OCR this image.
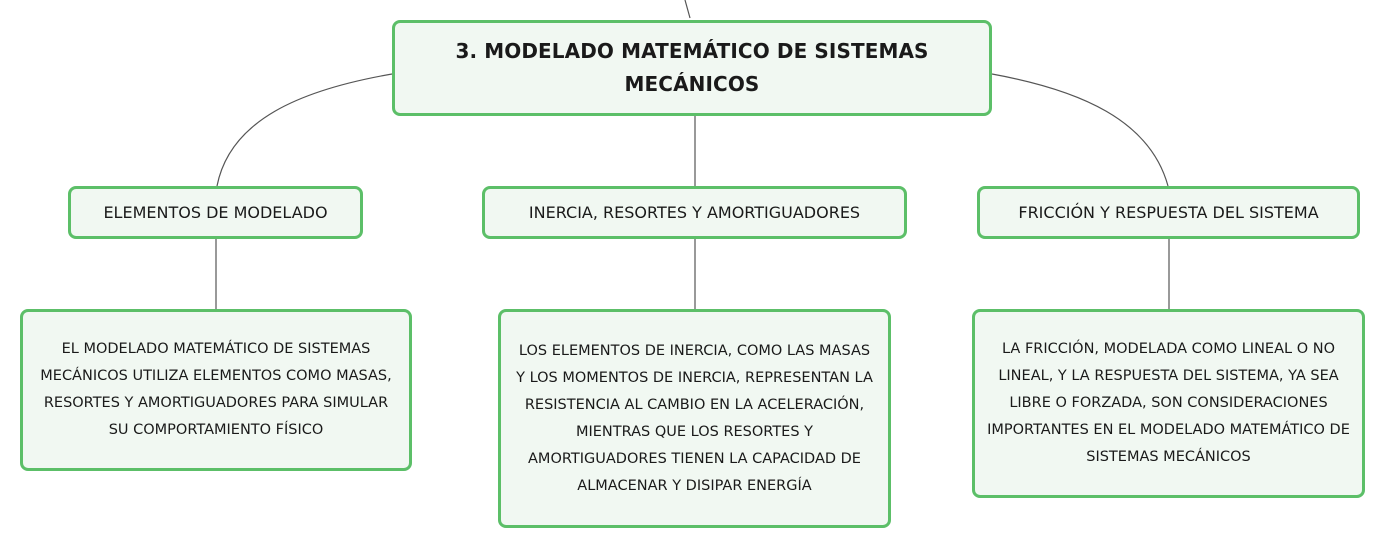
3. MODELADO MATEMÁTICO DE SISTEMAS MECÁNICOS
ELEMENTOS DE MODELADO	INERCIA, RESORTES Y AMORTIGUADORES	FRICCIÓN Y RESPUESTA DEL SISTEMA
EL MODELADO MATEMÁTICO DE SISTEMAS MECÁNICOS UTILIZA ELEMENTOS COMO MASAS, RESORTES Y AMORTIGUADORES PARA SIMULAR SU COMPORTAMIENTO FÍSICO
LOS ELEMENTOS DE INERCIA, COMO LAS MASAS Y LOS MOMENTOS DE INERCIA, REPRESENTAN LA RESISTENCIA AL CAMBIO EN LA ACELERACIÓN, MIENTRAS QUE LOS RESORTES Y AMORTIGUADORES TIENEN LA CAPACIDAD DE ALMACENAR Y DISIPAR ENERGÍA
LA FRICCIÓN, MODELADA COMO LINEAL O NO LINEAL, Y LA RESPUESTA DEL SISTEMA, YA SEA LIBRE O FORZADA, SON CONSIDERACIONES IMPORTANTES EN EL MODELADO MATEMÁTICO DE SISTEMAS MECÁNICOS
